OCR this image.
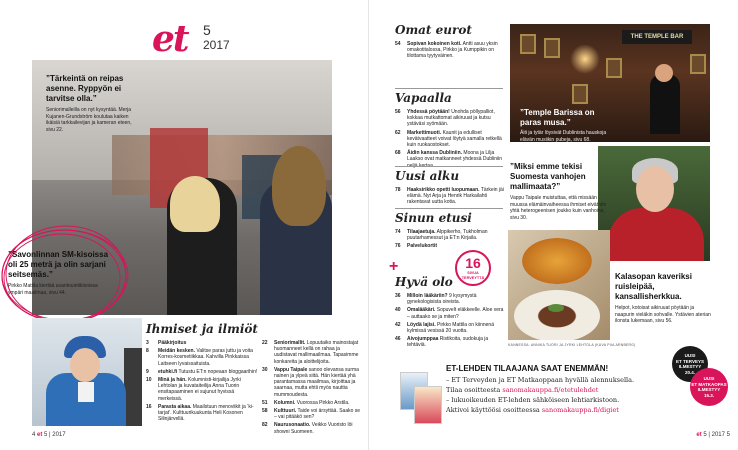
et 5
2017
”Tärkeintä on reipas asenne. Ryppyön ei tarvitse olla.”
Seniorimalleilla on nyt kysyntää. Merja Kujanen-Grundström koulutaa kaiken ikäisiä tarkkailevijan ja kameran eteen, sivu 22.
”Savonlinnan SM-kisoissa oli 25 meträ ja olin sarjani seitsemäs.”
Pirkko Mattila kiertää avantouintikisoissa ympäri maailmaa, sivu 44.
Ihmiset ja ilmiöt
3	Pääkirjoitus
8	Meidän kesken. Valitse paras juttu ja voita Korres-kosmetiikkaa. Kahvilla Pinkkaissa Laitseen lyvaissaituista.
9	etuhki.fi Tutustu ET:n nopeaan bloggaarihin!
10	Minä ja hän. Kolumnisti-kirjailija Jyrki Lehtolan ja kuvataiteilija Anna Tuorin ensitapaaminen ei sujunut hyvissä merkeissä.
16	Parasta aikaa. Maailstuun menoviikit ja ‘ki-tarjat’. Kulttuurikuukunta Heli Kosonen Silinjärvellä.
22	Seniorimallit. Lopuutaiko mainostajat huomanneet kellä on rahaa ja uudistavat mallimaailmaa. Tapasimme konkareita ja aloittelijoita.
30	Vappu Taipale sanoo olevansa surma nainen ja ylpeä siitä. Hän kiertää yhä parantamassa maailmaa, kirjoittaa ja saarnaa, mutta ehtii myös nauttia mummoudesta.
51	Kolumni. Vuorossa Pirkko Arstila.
58	Kulttuuri. Taide voi ärsyttää. Saako se – vai pitääkö sen?
82	Naurusonaatio. Veikko Vuoristo löi showni Suomeen.
4 et 5 | 2017
Omat eurot
54	Sopivan kokoinen koti. Antti asuu yksin omakotitalossa, Pirkko ja Kumppikin on tilottama tyytyväinen.
Vapaalla
56	Yhdessä pöytään! Unohda pöllypalliot, kokkaa mutkattomat aikiruuat ja kutsu ystäväsi syömään.
62	Markettimuoti. Kaunit ja edulliset kevätvaatteet voivat löytyä samalla retkellä kuin ruokaostokset.
68	Äidin kanssa Dubliniin. Moona ja Lilja Laakso ovat matkanneet yhdessä Dubliniin
Uusi alku
78	Haaksirikko opetti luopumaan. Tärkein jäi elämä. Nyt Arja ja Henrik Harkailahti rakentavat uutta kotia.
Sinun etusi
74	Tilaajaetuja. Alppikerho, Tukholman puutarhamessut ja ET:n Kirjaila.
76	Palvelukortit
+	16
SIVUA
TERVEYTTÄ
Hyvä olo
36	Milloin lääkäriin? 9 kysymystä gynekologisista oireista.
40	Omalääkäri. Sopuvelt eläkkeelle. Aloe vera – auttaako se ja miten?
42	Löydä lajisi. Pirkko Mattila on kiinnenä kylmissä vesissä 20 vuotta.
46	Aivojumppaa Ristikoita, sudokuja ja tehtäviä.
THE TEMPLE BAR
”Temple Barissa on paras musa.”
Äiti ja tytär löysivät Dublinista hauskoja elävän musiikin pubeja, sivu 68.
”Miksi emme tekisi Suomesta vanhojen mallimaata?”
Vappu Taipale muistuttaa, että missään muussa elämäinvaiheessa ihmiset eivät ole yhtä heterogeenisen joukko kuin vanhoina, sivu 30.
KANNESSA: ANNIKA TUORI JA JYRKI LEHTOLA (KUVA PIIA ARNBERG)
Kalasopan kaveriksi ruisleipää, kansallisherkkua.
Helpot, kotoisat aikiruuat pöytään ja naapurin vieläkin sohvalle. Ystävien aterian ilonsta lukemaan, sivu 56.
ET-LEHDEN TILAAJANA SAAT ENEMMÄN!
– ET Terveyden ja ET Matkaoppaan hyvällä alennuksella.
Tilaa osoitteesta sanomakauppa.fi/etetulehdet
– lukuoikeuden ET-lehden sähköiseen lehtiarkistoon.
Aktivoi käyttöösi osoitteessa sanomakauppa.fi/digiet
UUSI
ET TERVEYS
ILMESTYY
20.4.
UUSI
ET MATKAOPAS
ILMESTYY
15.3.
et 5 | 2017 5
